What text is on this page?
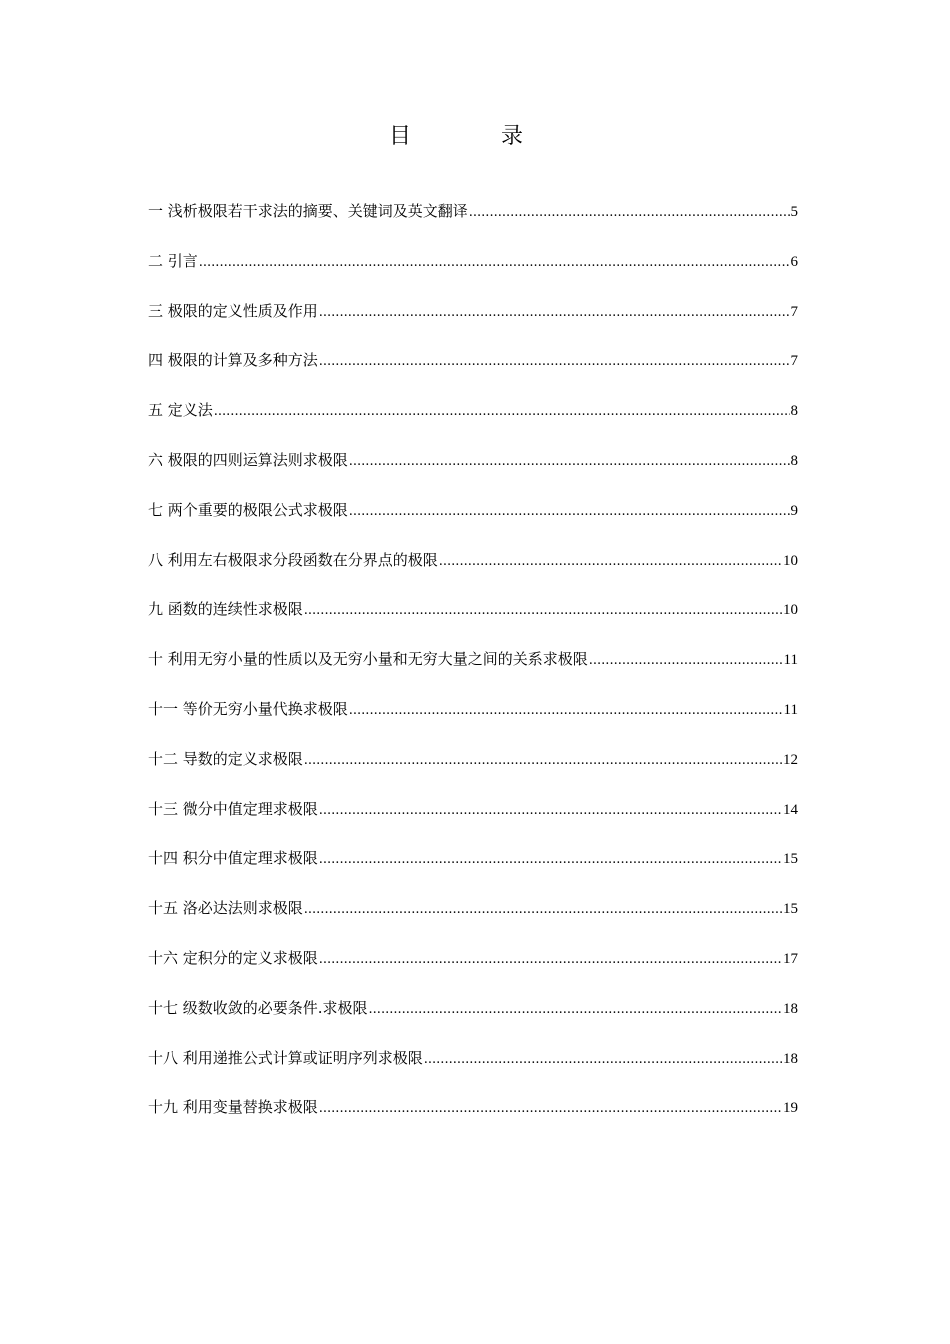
目	录
一 浅析极限若干求法的摘要、关键词及英文翻译 .....	5
二 引言 .....	6
三 极限的定义性质及作用 .....	7
四 极限的计算及多种方法 .....	7
五 定义法 .....	8
六 极限的四则运算法则求极限 .....	8
七 两个重要的极限公式求极限 .....	9
八 利用左右极限求分段函数在分界点的极限 .....	10
九 函数的连续性求极限 .....	10
十 利用无穷小量的性质以及无穷小量和无穷大量之间的关系求极限 .....	11
十一 等价无穷小量代换求极限 .....	11
十二 导数的定义求极限 .....	12
十三 微分中值定理求极限 .....	14
十四 积分中值定理求极限 .....	15
十五 洛必达法则求极限 .....	15
十六 定积分的定义求极限 .....	17
十七 级数收敛的必要条件.求极限 .....	18
十八 利用递推公式计算或证明序列求极限 .....	18
十九 利用变量替换求极限 .....	19
